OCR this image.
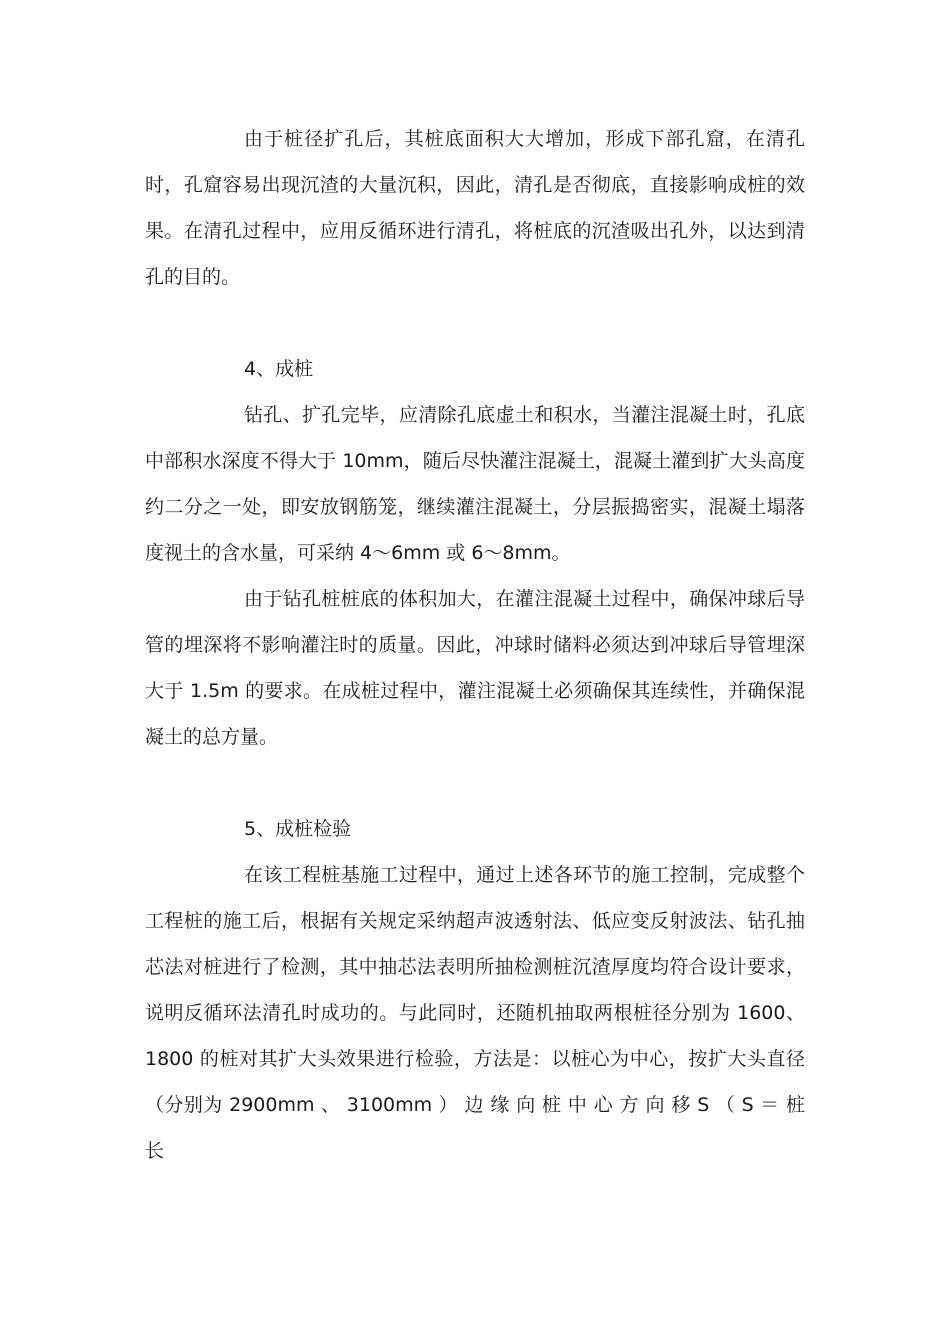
由于桩径扩孔后，其桩底面积大大增加，形成下部孔窟，在清孔时，孔窟容易出现沉渣的大量沉积，因此，清孔是否彻底，直接影响成桩的效果。在清孔过程中，应用反循环进行清孔，将桩底的沉渣吸出孔外，以达到清孔的目的。

4、成桩

钻孔、扩孔完毕，应清除孔底虚土和积水，当灌注混凝土时，孔底中部积水深度不得大于 10mm，随后尽快灌注混凝土，混凝土灌到扩大头高度约二分之一处，即安放钢筋笼，继续灌注混凝土，分层振捣密实，混凝土塌落度视土的含水量，可采纳 4～6mm 或 6～8mm。

由于钻孔桩桩底的体积加大，在灌注混凝土过程中，确保冲球后导管的埋深将不影响灌注时的质量。因此，冲球时储料必须达到冲球后导管埋深大于 1.5m 的要求。在成桩过程中，灌注混凝土必须确保其连续性，并确保混凝土的总方量。

5、成桩检验

在该工程桩基施工过程中，通过上述各环节的施工控制，完成整个工程桩的施工后，根据有关规定采纳超声波透射法、低应变反射波法、钻孔抽芯法对桩进行了检测，其中抽芯法表明所抽检测桩沉渣厚度均符合设计要求，说明反循环法清孔时成功的。与此同时，还随机抽取两根桩径分别为 1600、1800 的桩对其扩大头效果进行检验，方法是：以桩心为中心，按扩大头直径（分别为 2900mm 、 3100mm ） 边 缘 向 桩 中 心 方 向 移 S （ S ＝ 桩 长
